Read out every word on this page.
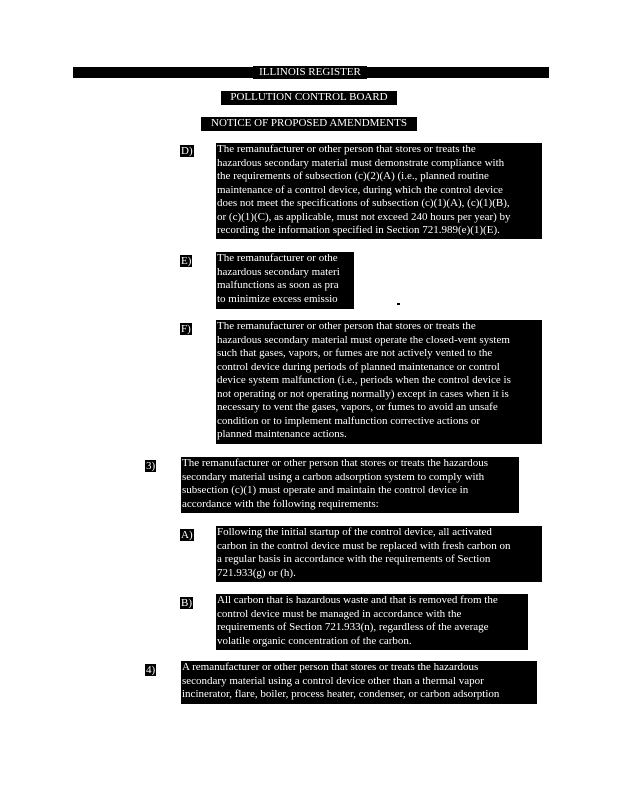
ILLINOIS REGISTER
POLLUTION CONTROL BOARD
NOTICE OF PROPOSED AMENDMENTS
D) The remanufacturer or other person that stores or treats the
hazardous secondary material must demonstrate compliance with
the requirements of subsection (c)(2)(A) (i.e., planned routine
maintenance of a control device, during which the control device
does not meet the specifications of subsection (c)(1)(A), (c)(1)(B),
or (c)(1)(C), as applicable, must not exceed 240 hours per year) by
recording the information specified in Section 721.989(e)(1)(E).
E) The remanufacturer or othe
hazardous secondary materi
malfunctions as soon as pra
to minimize excess emissio
F) The remanufacturer or other person that stores or treats the
hazardous secondary material must operate the closed-vent system
such that gases, vapors, or fumes are not actively vented to the
control device during periods of planned maintenance or control
device system malfunction (i.e., periods when the control device is
not operating or not operating normally) except in cases when it is
necessary to vent the gases, vapors, or fumes to avoid an unsafe
condition or to implement malfunction corrective actions or
planned maintenance actions.
3) The remanufacturer or other person that stores or treats the hazardous
secondary material using a carbon adsorption system to comply with
subsection (c)(1) must operate and maintain the control device in
accordance with the following requirements:
A) Following the initial startup of the control device, all activated
carbon in the control device must be replaced with fresh carbon on
a regular basis in accordance with the requirements of Section
721.933(g) or (h).
B) All carbon that is hazardous waste and that is removed from the
control device must be managed in accordance with the
requirements of Section 721.933(n), regardless of the average
volatile organic concentration of the carbon.
4) A remanufacturer or other person that stores or treats the hazardous
secondary material using a control device other than a thermal vapor
incinerator, flare, boiler, process heater, condenser, or carbon adsorption
